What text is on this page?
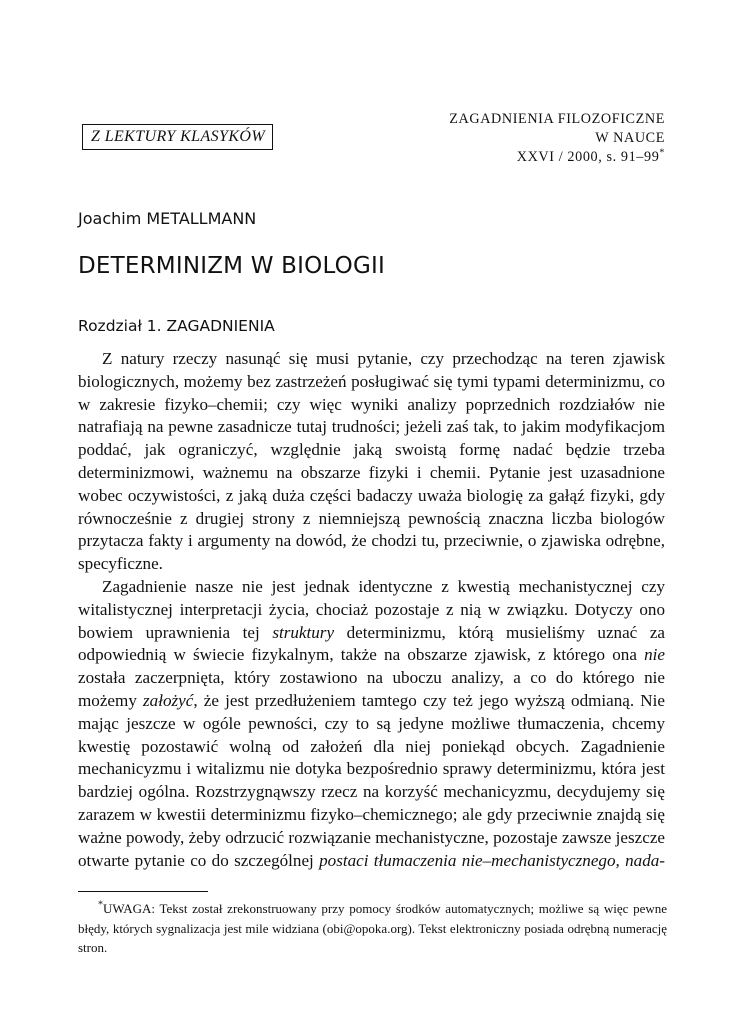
Z LEKTURY KLASYKÓW
ZAGADNIENIA FILOZOFICZNE
W NAUCE
XXVI / 2000, s. 91–99*
Joachim METALLMANN
DETERMINIZM W BIOLOGII
Rozdział 1. ZAGADNIENIA

Z natury rzeczy nasunąć się musi pytanie, czy przechodząc na teren zjawisk biologicznych, możemy bez zastrzeżeń posługiwać się tymi typami determinizmu, co w zakresie fizyko–chemii; czy więc wyniki analizy poprzednich rozdziałów nie natrafiają na pewne zasadnicze tutaj trudności; jeżeli zaś tak, to jakim modyfikacjom poddać, jak ograniczyć, względnie jaką swoistą formę nadać będzie trzeba determinizmowi, ważnemu na obszarze fizyki i chemii. Pytanie jest uzasadnione wobec oczywistości, z jaką duża części badaczy uważa biologię za gałąź fizyki, gdy równocześnie z drugiej strony z niemniejszą pewnością znaczna liczba biologów przytacza fakty i argumenty na dowód, że chodzi tu, przeciwnie, o zjawiska odrębne, specyficzne.

Zagadnienie nasze nie jest jednak identyczne z kwestią mechanistycznej czy witalistycznej interpretacji życia, chociaż pozostaje z nią w związku. Dotyczy ono bowiem uprawnienia tej struktury determinizmu, którą musieliśmy uznać za odpowiednią w świecie fizykalnym, także na obszarze zjawisk, z którego ona nie została zaczerpnięta, który zostawiono na uboczu analizy, a co do którego nie możemy założyć, że jest przedłużeniem tamtego czy też jego wyższą odmianą. Nie mając jeszcze w ogóle pewności, czy to są jedyne możliwe tłumaczenia, chcemy kwestię pozostawić wolną od założeń dla niej poniekąd obcych. Zagadnienie mechanicyzmu i witalizmu nie dotyka bezpośrednio sprawy determinizmu, która jest bardziej ogólna. Rozstrzygnąwszy rzecz na korzyść mechanicyzmu, decydujemy się zarazem w kwestii determinizmu fizyko–chemicznego; ale gdy przeciwnie znajdą się ważne powody, żeby odrzucić rozwiązanie mechanistyczne, pozostaje zawsze jeszcze otwarte pytanie co do szczególnej postaci tłumaczenia nie–mechanistycznego, nada-

*UWAGA: Tekst został zrekonstruowany przy pomocy środków automatycznych; możliwe są więc pewne błędy, których sygnalizacja jest mile widziana (obi@opoka.org). Tekst elektroniczny posiada odrębną numerację stron.
